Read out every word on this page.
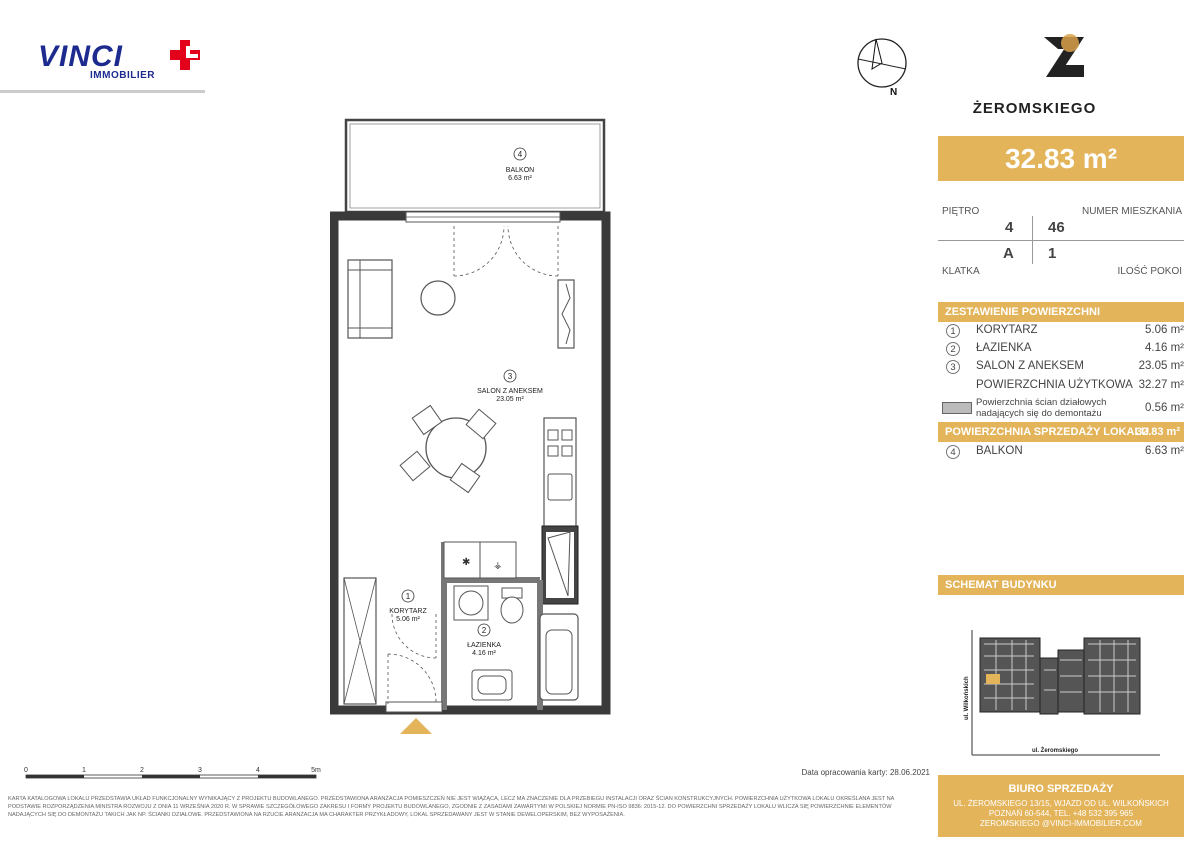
VINCI
IMMOBILIER
N
ŻEROMSKIEGO
32.83 m²
PIĘTRO	NUMER MIESZKANIA
4 46
A 1
KLATKA	ILOŚĆ POKOI
ZESTAWIENIE POWIERZCHNI
1	KORYTARZ	5.06 m²
2	ŁAZIENKA	4.16 m²
3	SALON Z ANEKSEM	23.05 m²
POWIERZCHNIA UŻYTKOWA 32.27 m²
Powierzchnia ścian działowych
nadających się do demontażu	0.56 m²
POWIERZCHNIA SPRZEDAŻY LOKALU
32.83 m²
4	BALKON	6.63 m²
SCHEMAT BUDYNKU
ul. Wilkońskich
ul. Żeromskiego
✱	⚶
4
BALKON
6.63 m²
3
SALON Z ANEKSEM
23.05 m²
1
KORYTARZ
5.06 m²
2
ŁAZIENKA
4.16 m²
0	1	2	3	4	5m	Data opracowania karty: 28.06.2021
KARTA KATALOGOWA LOKALU PRZEDSTAWIA UKŁAD FUNKCJONALNY WYNIKAJĄCY Z PROJEKTU BUDOWLANEGO. PRZEDSTAWIONA ARANŻACJA POMIESZCZEŃ NIE JEST WIĄŻĄCA, LECZ MA ZNACZENIE DLA PRZEBIEGU INSTALACJI ORAZ ŚCIAN KONSTRUKCYJNYCH. POWIERZCHNIA UŻYTKOWA LOKALU OKREŚLANA JEST NA PODSTAWIE ROZPORZĄDZENIA MINISTRA ROZWOJU Z DNIA 11 WRZEŚNIA 2020 R. W SPRAWIE SZCZEGÓŁOWEGO ZAKRESU I FORMY PROJEKTU BUDOWLANEGO, ZGODNIE Z ZASADAMI ZAWARTYMI W POLSKIEJ NORMIE PN-ISO 9836: 2015-12. DO POWIERZCHNI SPRZEDAŻY LOKALU WLICZA SIĘ POWIERZCHNIE ELEMENTÓW NADAJĄCYCH SIĘ DO DEMONTAŻU TAKICH JAK NP. ŚCIANKI DZIAŁOWE. PRZEDSTAWIONA NA RZUCIE ARANŻACJA MA CHARAKTER PRZYKŁADOWY, LOKAL SPRZEDAWANY JEST W STANIE DEWELOPERSKIM, BEZ WYPOSAŻENIA.
BIURO SPRZEDAŻY
UL. ŻEROMSKIEGO 13/15, WJAZD OD UL. WILKOŃSKICH
POZNAŃ 60-544, TEL. +48 532 395 965
ZEROMSKIEGO @VINCI-IMMOBILIER.COM
